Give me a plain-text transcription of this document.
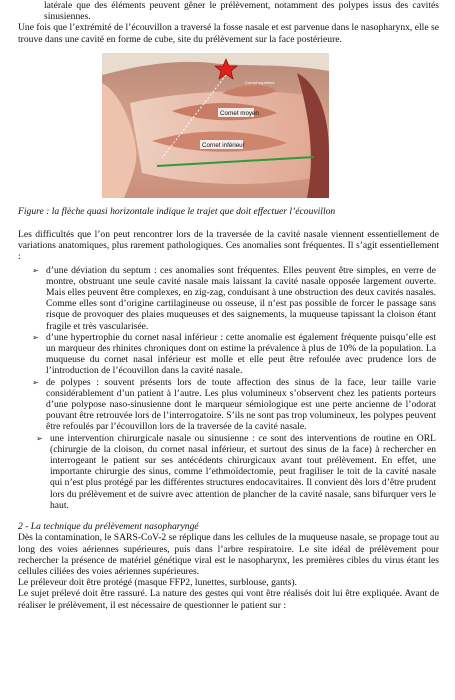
latérale que des éléments peuvent gêner le prélèvement, notamment des polypes issus des cavités sinusiennes.

Une fois que l’extrémité de l’écouvillon a traversé la fosse nasale et est parvenue dans le nasopharynx, elle se trouve dans une cavité en forme de cube, site du prélèvement sur la face postérieure.

Cornet supérieur
Cornet moyen
Cornet inférieur

Figure : la flèche quasi horizontale indique le trajet que doit effectuer l’écouvillon

Les difficultés que l’on peut rencontrer lors de la traversée de la cavité nasale viennent essentiellement de variations anatomiques, plus rarement pathologiques. Ces anomalies sont fréquentes. Il s’agit essentiellement :

➢ d’une déviation du septum : ces anomalies sont fréquentes. Elles peuvent être simples, en verre de montre, obstruant une seule cavité nasale mais laissant la cavité nasale opposée largement ouverte. Mais elles peuvent être complexes, en zig-zag, conduisant à une obstruction des deux cavités nasales. Comme elles sont d’origine cartilagineuse ou osseuse, il n’est pas possible de forcer le passage sans risque de provoquer des plaies muqueuses et des saignements, la muqueuse tapissant la cloison étant fragile et très vascularisée.
➢ d’une hypertrophie du cornet nasal inférieur : cette anomalie est également fréquente puisqu’elle est un marqueur des rhinites chroniques dont on estime la prévalence à plus de 10% de la population. La muqueuse du cornet nasal inférieur est molle et elle peut être refoulée avec prudence lors de l’introduction de l’écouvillon dans la cavité nasale.
➢ de polypes : souvent présents lors de toute affection des sinus de la face, leur taille varie considérablement d’un patient à l’autre. Les plus volumineux s’observent chez les patients porteurs d’une polypose naso-sinusienne dont le marqueur sémiologique est une perte ancienne de l’odorat pouvant être retrouvée lors de l’interrogatoire. S’ils ne sont pas trop volumineux, les polypes peuvent être refoulés par l’écouvillon lors de la traversée de la cavité nasale.
➢ une intervention chirurgicale nasale ou sinusienne : ce sont des interventions de routine en ORL (chirurgie de la cloison, du cornet nasal inférieur, et surtout des sinus de la face) à rechercher en interrogeant le patient sur ses antécédents chirurgicaux avant tout prélèvement. En effet, une importante chirurgie des sinus, comme l’ethmoïdectomie, peut fragiliser le toit de la cavité nasale qui n’est plus protégé par les différentes structures endocavitaires. Il convient dès lors d’être prudent lors du prélèvement et de suivre avec attention de plancher de la cavité nasale, sans bifurquer vers le haut.

2 - La technique du prélèvement nasopharyngé

Dès la contamination, le SARS-CoV-2 se réplique dans les cellules de la muqueuse nasale, se propage tout au long des voies aériennes supérieures, puis dans l’arbre respiratoire. Le site idéal de prélèvement pour rechercher la présence de matériel génétique viral est le nasopharynx, les premières cibles du virus étant les cellules ciliées des voies aériennes supérieures.

Le préleveur doit être protégé (masque FFP2, lunettes, surblouse, gants).

Le sujet prélevé doit être rassuré. La nature des gestes qui vont être réalisés doit lui être expliquée. Avant de réaliser le prélèvement, il est nécessaire de questionner le patient sur :
